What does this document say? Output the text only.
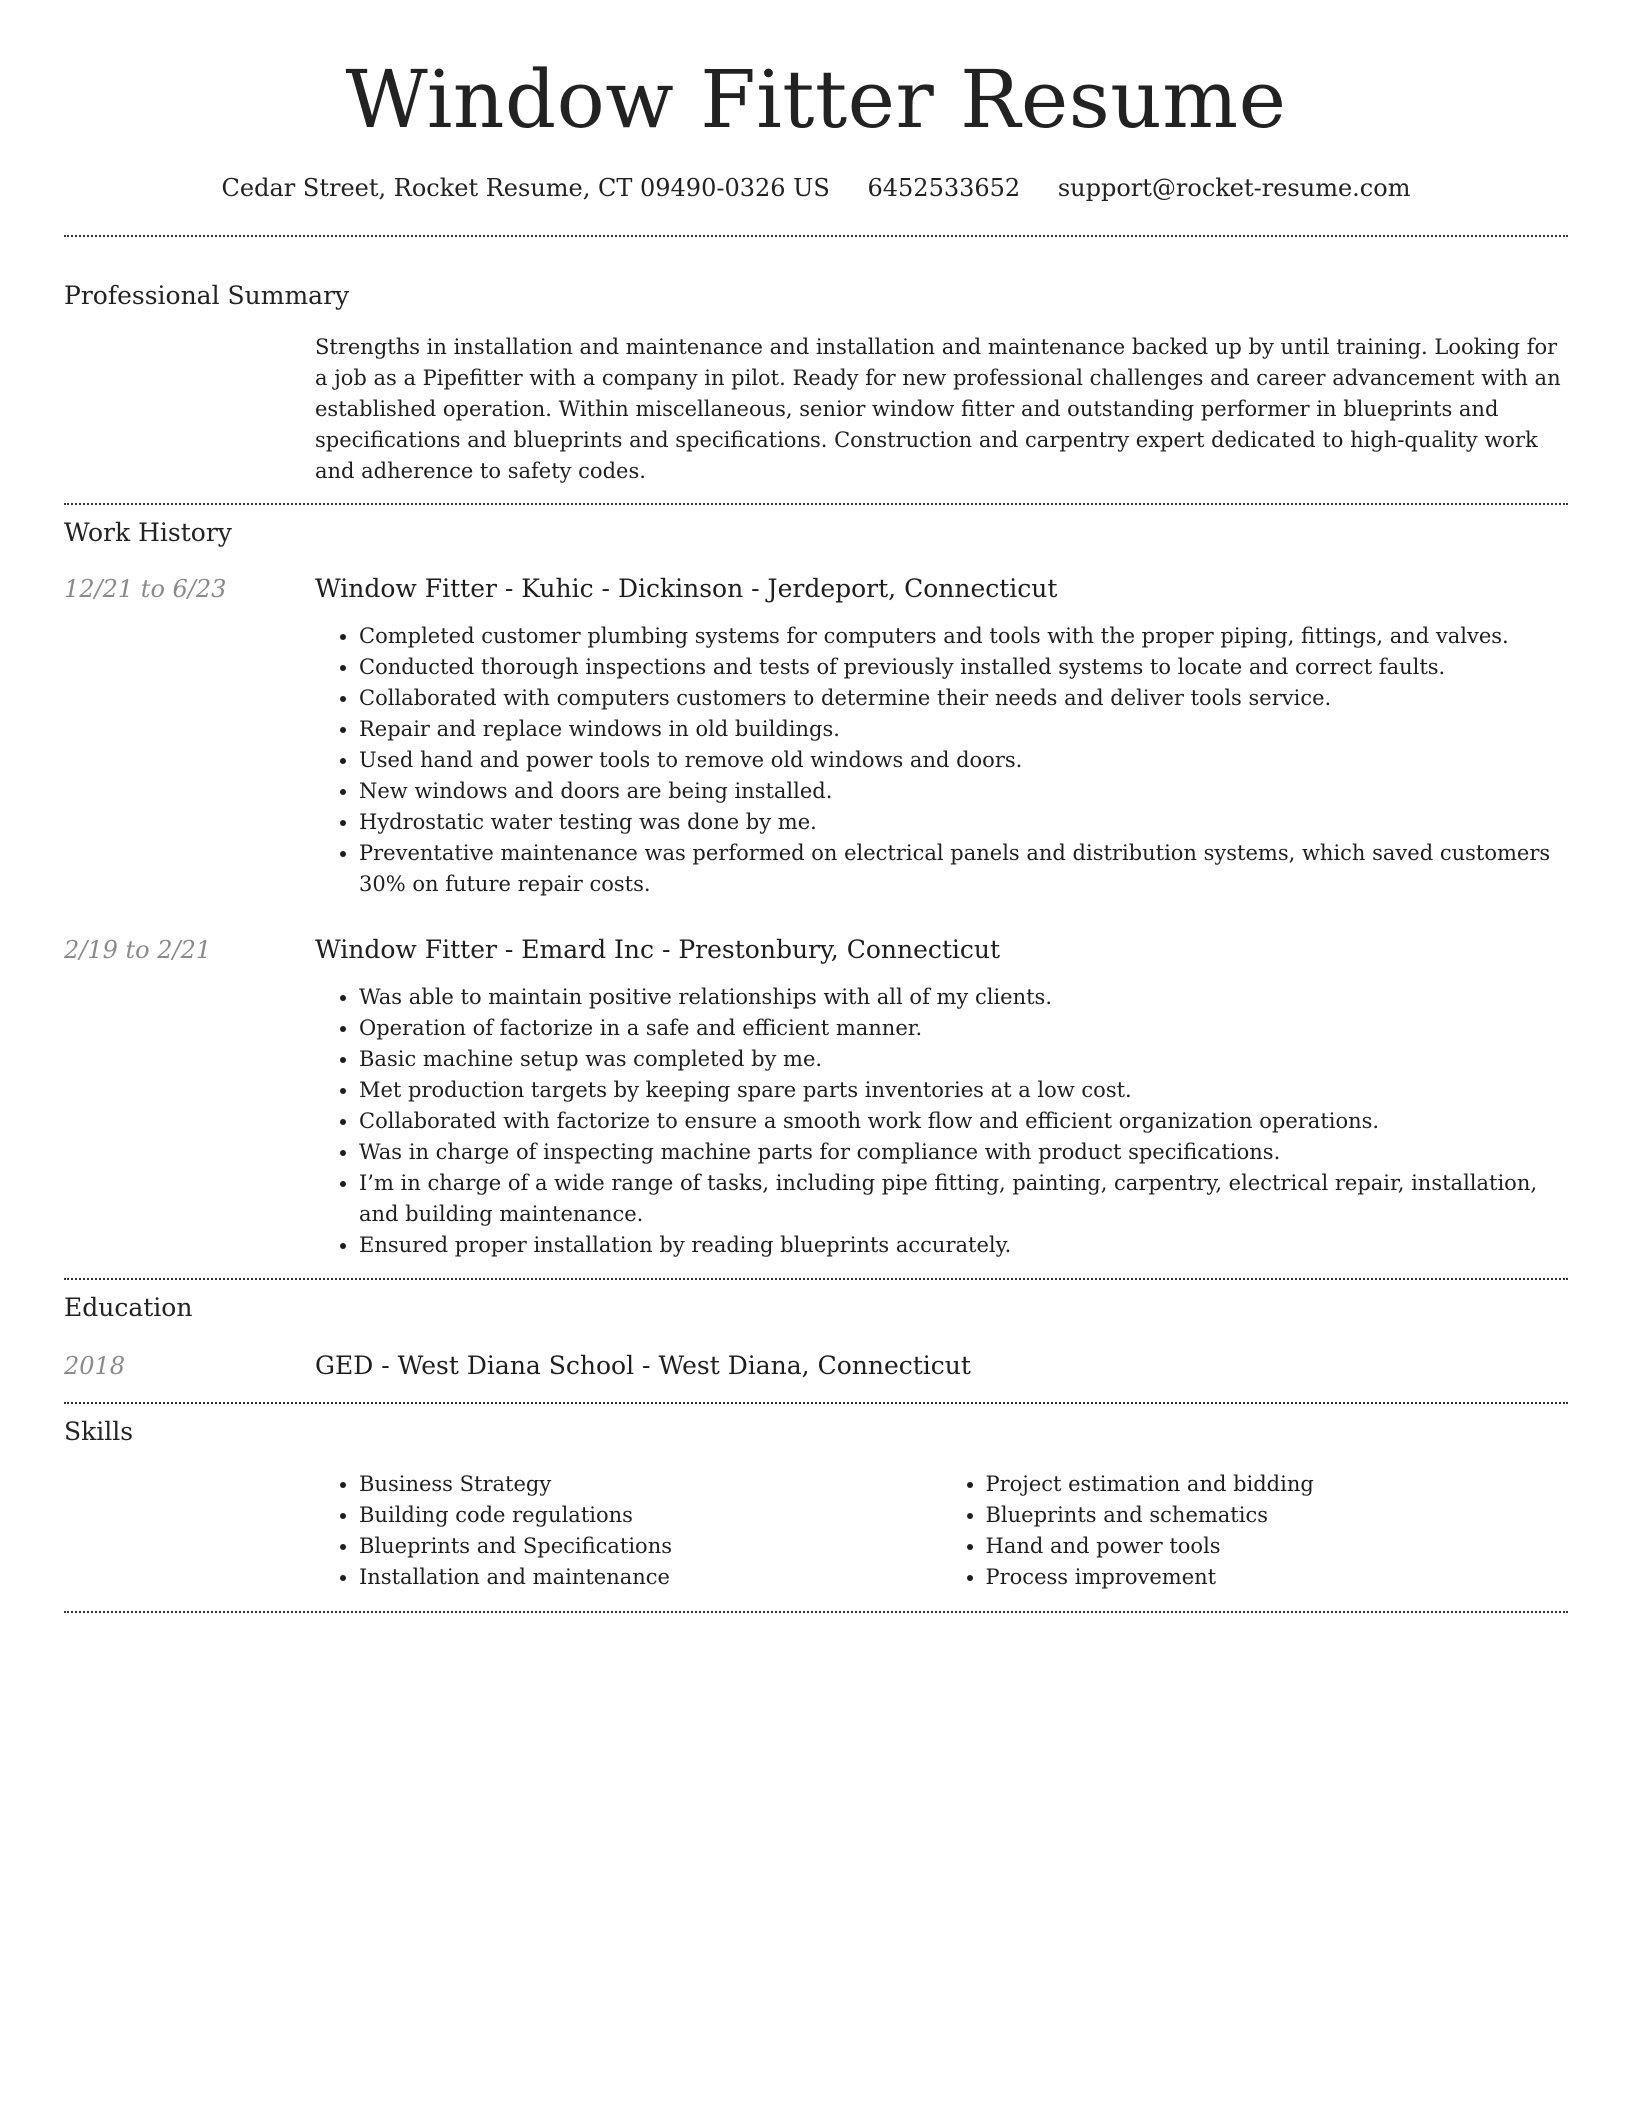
Window Fitter Resume
Cedar Street, Rocket Resume, CT 09490-0326 US 6452533652 support@rocket-resume.com
Professional Summary

Strengths in installation and maintenance and installation and maintenance backed up by until training. Looking for a job as a Pipefitter with a company in pilot. Ready for new professional challenges and career advancement with an established operation. Within miscellaneous, senior window fitter and outstanding performer in blueprints and specifications and blueprints and specifications. Construction and carpentry expert dedicated to high-quality work and adherence to safety codes.

Work History
12/21 to 6/23	Window Fitter - Kuhic - Dickinson - Jerdeport, Connecticut
• Completed customer plumbing systems for computers and tools with the proper piping, fittings, and valves.
• Conducted thorough inspections and tests of previously installed systems to locate and correct faults.
• Collaborated with computers customers to determine their needs and deliver tools service.
• Repair and replace windows in old buildings.
• Used hand and power tools to remove old windows and doors.
• New windows and doors are being installed.
• Hydrostatic water testing was done by me.
• Preventative maintenance was performed on electrical panels and distribution systems, which saved customers 30% on future repair costs.
2/19 to 2/21	Window Fitter - Emard Inc - Prestonbury, Connecticut
• Was able to maintain positive relationships with all of my clients.
• Operation of factorize in a safe and efficient manner.
• Basic machine setup was completed by me.
• Met production targets by keeping spare parts inventories at a low cost.
• Collaborated with factorize to ensure a smooth work flow and efficient organization operations.
• Was in charge of inspecting machine parts for compliance with product specifications.
• I’m in charge of a wide range of tasks, including pipe fitting, painting, carpentry, electrical repair, installation, and building maintenance.
• Ensured proper installation by reading blueprints accurately.
Education
2018	GED - West Diana School - West Diana, Connecticut
Skills
• Business Strategy
• Building code regulations
• Blueprints and Specifications
• Installation and maintenance
• Project estimation and bidding
• Blueprints and schematics
• Hand and power tools
• Process improvement
